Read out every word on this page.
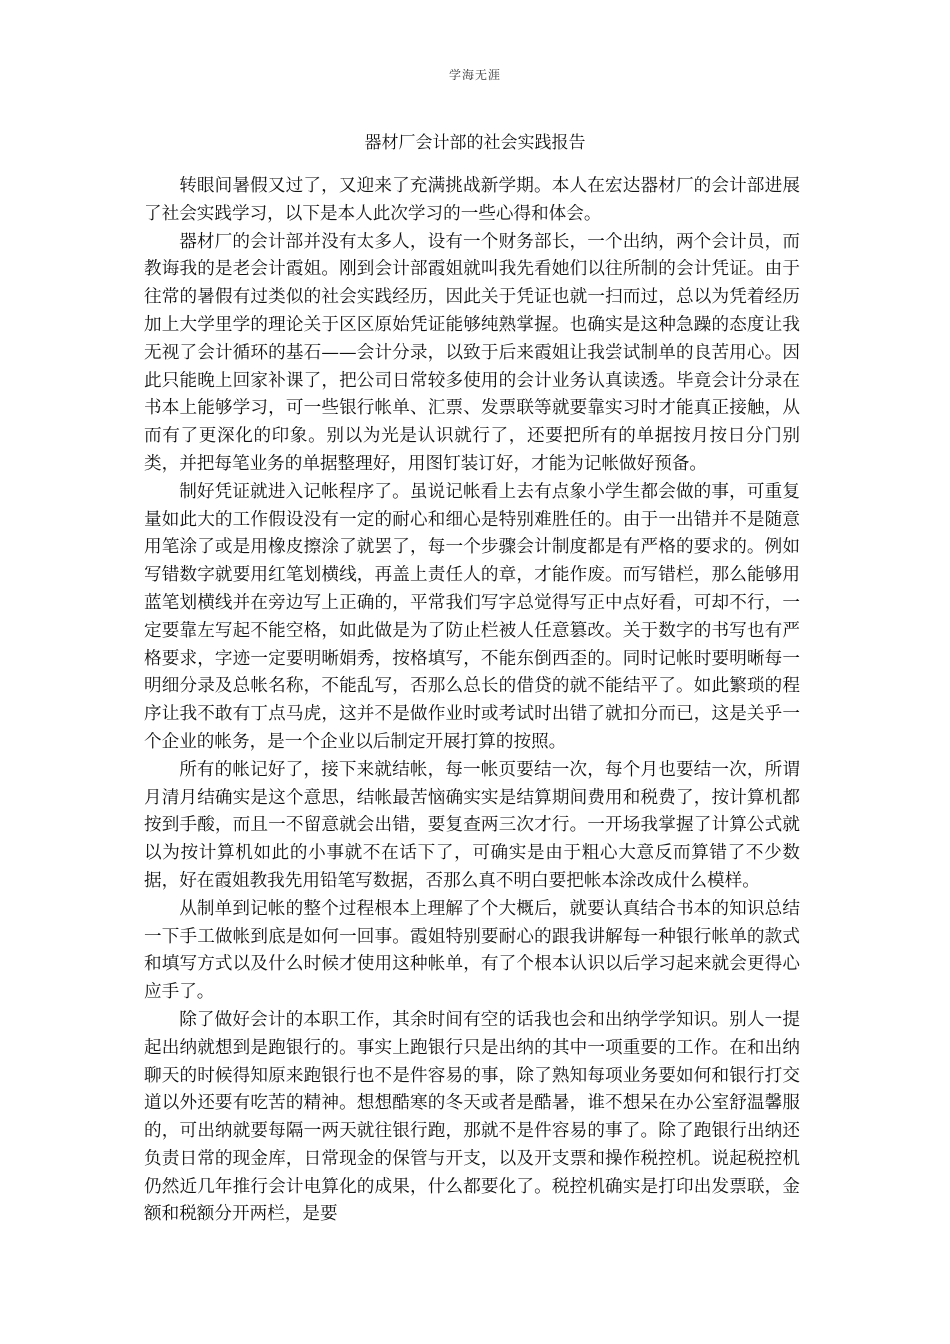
学海无涯
器材厂会计部的社会实践报告

转眼间暑假又过了，又迎来了充满挑战新学期。本人在宏达器材厂的会计部进展了社会实践学习，以下是本人此次学习的一些心得和体会。

器材厂的会计部并没有太多人，设有一个财务部长，一个出纳，两个会计员，而教诲我的是老会计霞姐。刚到会计部霞姐就叫我先看她们以往所制的会计凭证。由于往常的暑假有过类似的社会实践经历，因此关于凭证也就一扫而过，总以为凭着经历加上大学里学的理论关于区区原始凭证能够纯熟掌握。也确实是这种急躁的态度让我无视了会计循环的基石——会计分录，以致于后来霞姐让我尝试制单的良苦用心。因此只能晚上回家补课了，把公司日常较多使用的会计业务认真读透。毕竟会计分录在书本上能够学习，可一些银行帐单、汇票、发票联等就要靠实习时才能真正接触，从而有了更深化的印象。别以为光是认识就行了，还要把所有的单据按月按日分门别类，并把每笔业务的单据整理好，用图钉装订好，才能为记帐做好预备。

制好凭证就进入记帐程序了。虽说记帐看上去有点象小学生都会做的事，可重复量如此大的工作假设没有一定的耐心和细心是特别难胜任的。由于一出错并不是随意用笔涂了或是用橡皮擦涂了就罢了，每一个步骤会计制度都是有严格的要求的。例如写错数字就要用红笔划横线，再盖上责任人的章，才能作废。而写错栏，那么能够用蓝笔划横线并在旁边写上正确的，平常我们写字总觉得写正中点好看，可却不行，一定要靠左写起不能空格，如此做是为了防止栏被人任意篡改。关于数字的书写也有严格要求，字迹一定要明晰娟秀，按格填写，不能东倒西歪的。同时记帐时要明晰每一明细分录及总帐名称，不能乱写，否那么总长的借贷的就不能结平了。如此繁琐的程序让我不敢有丁点马虎，这并不是做作业时或考试时出错了就扣分而已，这是关乎一个企业的帐务，是一个企业以后制定开展打算的按照。

所有的帐记好了，接下来就结帐，每一帐页要结一次，每个月也要结一次，所谓月清月结确实是这个意思，结帐最苦恼确实实是结算期间费用和税费了，按计算机都按到手酸，而且一不留意就会出错，要复查两三次才行。一开场我掌握了计算公式就以为按计算机如此的小事就不在话下了，可确实是由于粗心大意反而算错了不少数据，好在霞姐教我先用铅笔写数据，否那么真不明白要把帐本涂改成什么模样。

从制单到记帐的整个过程根本上理解了个大概后，就要认真结合书本的知识总结一下手工做帐到底是如何一回事。霞姐特别要耐心的跟我讲解每一种银行帐单的款式和填写方式以及什么时候才使用这种帐单，有了个根本认识以后学习起来就会更得心应手了。

除了做好会计的本职工作，其余时间有空的话我也会和出纳学学知识。别人一提起出纳就想到是跑银行的。事实上跑银行只是出纳的其中一项重要的工作。在和出纳聊天的时候得知原来跑银行也不是件容易的事，除了熟知每项业务要如何和银行打交道以外还要有吃苦的精神。想想酷寒的冬天或者是酷暑，谁不想呆在办公室舒温馨服的，可出纳就要每隔一两天就往银行跑，那就不是件容易的事了。除了跑银行出纳还负责日常的现金库，日常现金的保管与开支，以及开支票和操作税控机。说起税控机仍然近几年推行会计电算化的成果，什么都要化了。税控机确实是打印出发票联，金额和税额分开两栏，是要
